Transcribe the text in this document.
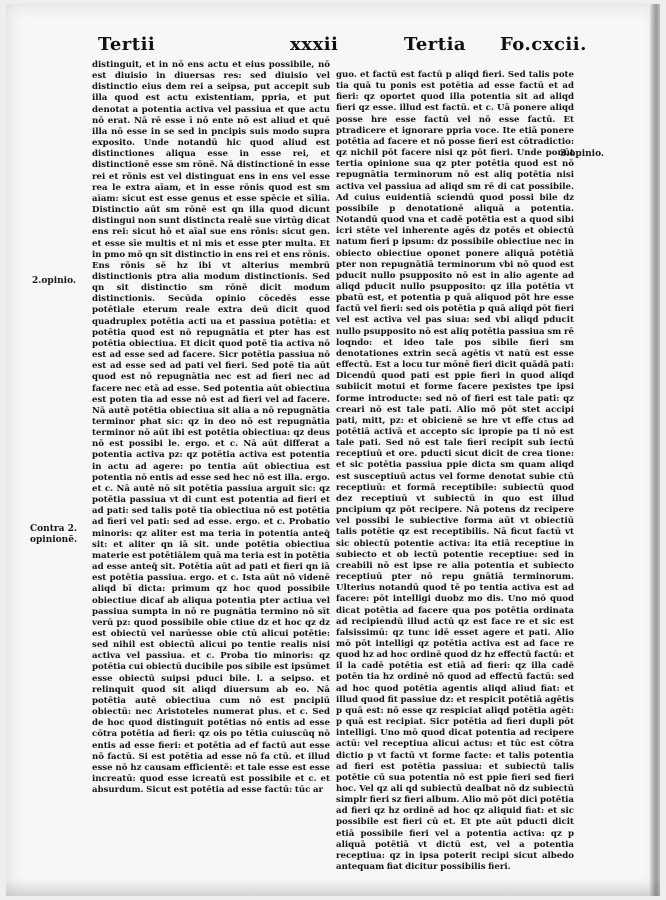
Tertii	xxxii	Tertia Fo.cxcii.
distinguit, et in nō ens actu et eius possibile, nō est diuisio in diuersas res: sed diuisio vel distinctio eius dem rei a seipsa, put accepit sub illa quod est actu existentiam, ppria, et put denotat a potentia activa vel passiua et que actu nō erat. Nā rē esse ī nō ente nō est aliud et quē illa nō esse in se sed in pncipis suis modo supra exposito. Unde notandū hic quod aliud est distinctiones aliqua esse in esse rei, et distinctionē esse sm rōnē. Nā distinctionē in esse rei et rōnis est vel distinguat ens in ens vel esse rea le extra aīam, et in esse rōnis quod est sm aīam: sicut est esse genus et esse spēcie et sīlia. Distinctio aūt sm rōnē est qn illa quod dicunt distingui non sunt distincta realē sue virtūg dicat ens rei: sicut hō et aīal sue ens rōnis: sicut gen. et esse sīe multis et ni mis et esse pter multa. Et in pmo mō qn sit distinctio in ens rei et ens rōnis. Ens rōnis sē hz ibi vt alterius membrū distinctionis ptra alia modum distinctionis. Sed qn sit distinctio sm rōnē dicit modum distinctionis. Secūda opinio cōcedēs esse potētiale eterum reale extra deū dicit quod quadruplex potētia acti ua et passiua potētia: et potētia quod est nō repugnātia et pter has est potētia obiectiua. Et dicit quod potē tia activa nō est ad esse sed ad facere. Sicr potētia passiua nō est ad esse sed ad pati vel fieri. Sed potē tia aūt quod est nō repugnātia nec est ad fieri nec ad facere nec etā ad esse. Sed potentia aūt obiectiua est poten tia ad esse nō est ad fieri vel ad facere. Nā autē potētia obiectiua sit alia a nō repugnātia terminor phat sic: qz in deo nō est repugnātia terminor nō aūt ibi est potētia obiectiua: qz deus nō est possibi le. ergo. et c. Nā aūt differat a potentia activa pz: qz potētia activa est potentia in actu ad agere: po tentia aūt obiectiua est potentia nō entis ad esse sed hec nō est illa. ergo. et c. Nā autē nō sit potētia passiua arguit sic: qz potētia passiua vt di cunt est potentia ad fieri et ad pati: sed talis potē tia obiectiua nō est potētia ad fieri vel pati: sed ad esse. ergo. et c. Probatio minoris: qz aliter est ma teria in potentia anteq̄ sit: et aliter qn iā sit. unde potētia obiectiua materie est potētiālem quā ma teria est in potētia ad esse anteq̄ sit. Potētia aūt ad pati et fieri qn iā est potētia passiua. ergo. et c. Ista aūt nō videnē aliqd bī dicta: primum qz hoc quod possibile obiectiue dicaf ab aliqua potentia pter actiua vel passiua sumpta in nō re pugnātia termino nō sīt verū pz: quod possibile obie ctiue dz et hoc qz dz est obiectū vel narūesse obie ctū alicui potētie: sed nihil est obiectū alicui po tentie realis nisi activa vel passiua. et c. Proba tio minoris: qz potētia cui obiectū ducibile pos sibile est ipsūmet esse obiectū suipsi pduci bile. l. a seipso. et relinquit quod sit aliqd diuersum ab eo. Nā potētia autē obiectiua cum nō est pncipiū obiectū: nec Aristoteles numerat plus. et c. Sed de hoc quod distinguit potētias nō entis ad esse cōtra potētia ad fieri: qz ois po tētia cuiuscūq nō entis ad esse fieri: et potētia ad ef factū aut esse nō factū. Si est potētia ad esse nō fa ctū. et illud esse nō hz causam efficientē: et tale esse est esse increatū: quod esse icreatū est possibile et c. et absurdum. Sicut est potētia ad esse factū: tūc ar
guo. et factū est factū p aliqd fieri. Sed talis pote tia quā tu ponis est potētia ad esse factū et ad fieri: qz oportet quod illa potentia sit ad aliqd fieri qz esse. illud est factū. et c. Uā ponere aliqd posse hre esse factū vel nō esse factū. Et ptradicere et ignorare ppria voce. Ite etiā ponere potētia ad facere et nō posse fieri est cōtradictio: qz nichil pōt facere nisi qz pōt fieri. Unde ponūt tertia opinione sua qz pter potētia quod est nō repugnātia terminorum nō est aliq potētia nisi activa vel passiua ad aliqd sm rē di cat possibile. Ad cuius euidentiā sciendū quod possi bile dz possibile p denotationē aliquā a potentia. Notandū quod vna et cadē potētia est a quod sibi icri stēte vel inherente agēs dz potēs et obiectū natum fieri p ipsum: dz possibile obiectiue nec in obiecto obiectiue oponet ponere aliquā potētiā pter non repugnātiā terminorum vbi nō quod est pducit nullo psupposito nō est in alio agente ad aliqd pducit nullo psupposito: qz illa potētia vt pbatū est, et potentia p quā aliquod pōt hre esse factū vel fieri: sed ois potētia p quā aliqd pōt fieri vel est activa vel pas siua: sed vbi aliqd pducit nullo psupposito nō est aliq potētia passiua sm rē loqndo: et ideo tale pos sibile fieri sm denotationes extrin secā agētis vt natū est esse effectū. Est a locu tur mōnē fieri dicit quādā pati: Dicendū quod pati est ppie fieri in quod aliqd subiicit motui et forme facere pexistes tpe ipsi forme introducte: sed nō of fieri est tale pati: qz creari nō est tale pati. Alio mō pōt stet accipi pati, mitt, pz: et obicienē se hre vt effe ctus ad potētiā activā et accepto sic ipropie pa ti nō est tale pati. Sed nō est tale fieri recipit sub iectū receptiuū et ore. pducti sicut dicit de crea tione: et sic potētia passiua ppie dicta sm quam aliqd est susceptiuū actus vel forme denotat subie ctū receptiuū: et formā receptibile: subiectū quod dez receptiuū vt subiectū in quo est illud pncipium qz pōt recipere. Nā potens dz recipere vel possibi le subiective forma aūt vt obiectiū talis potētie qz est receptibilis. Nā ficut factū vt sic obiectū potentie activa: ita etiā receptiue in subiecto et ob iectū potentie receptiue: sed in creabili nō est ipse re alia potentia et subiecto receptiuū pter nō repu gnātiā terminorum. Ulterius notandū quod tē po tentia activa est ad facere: pōt intelligi duobz mo dis. Uno mō quod dicat potētia ad facere qua pos potētia ordinata ad recipiendū illud actū qz est face re et sic est falsissimū: qz tunc idē esset agere et pati. Alio mō pōt intelligi qz potētia activa est ad face re quod hz ad hoc ordinē quod dz hz effectū factū: et il la cadē potētia est etiā ad fieri: qz illa cadē potēn tia hz ordinē nō quod ad effectū factū: sed ad hoc quod potētia agentis aliqd aliud fiat: et illud quod fit passiue dz: et respicit potētiā agētis p quā est: nō esse qz respiciat aliqd potētia agēt: p quā est recipiat. Sicr potētia ad fieri dupli pōt intelligi. Uno mō quod dicat potentia ad recipere actū: vel receptiua alicui actus: et tūc est cōtra dictio p vt factū vt forme facte: et talis potentia ad fieri est potētia passiua: et subiectū talis potētie cū sua potentia nō est ppie fieri sed fieri hoc. Vel qz ali qd subiectū dealbat nō dz subiectū simplr fieri sz fieri album. Alio mō pōt dici potētia ad fieri qz hz ordinē ad hoc qz aliquid fiat: et sic possibile est fieri cū et. Et pte aūt pducti dicit etiā possibile fieri vel a potentia activa: qz p aliquā potētiā vt dictū est, vel a potentia receptiua: qz in ipsa poterit recipi sicut albedo antequam fiat dicitur possibilis fieri.
2.opinio.
Contra 2. opinionē.
3.opinio.
